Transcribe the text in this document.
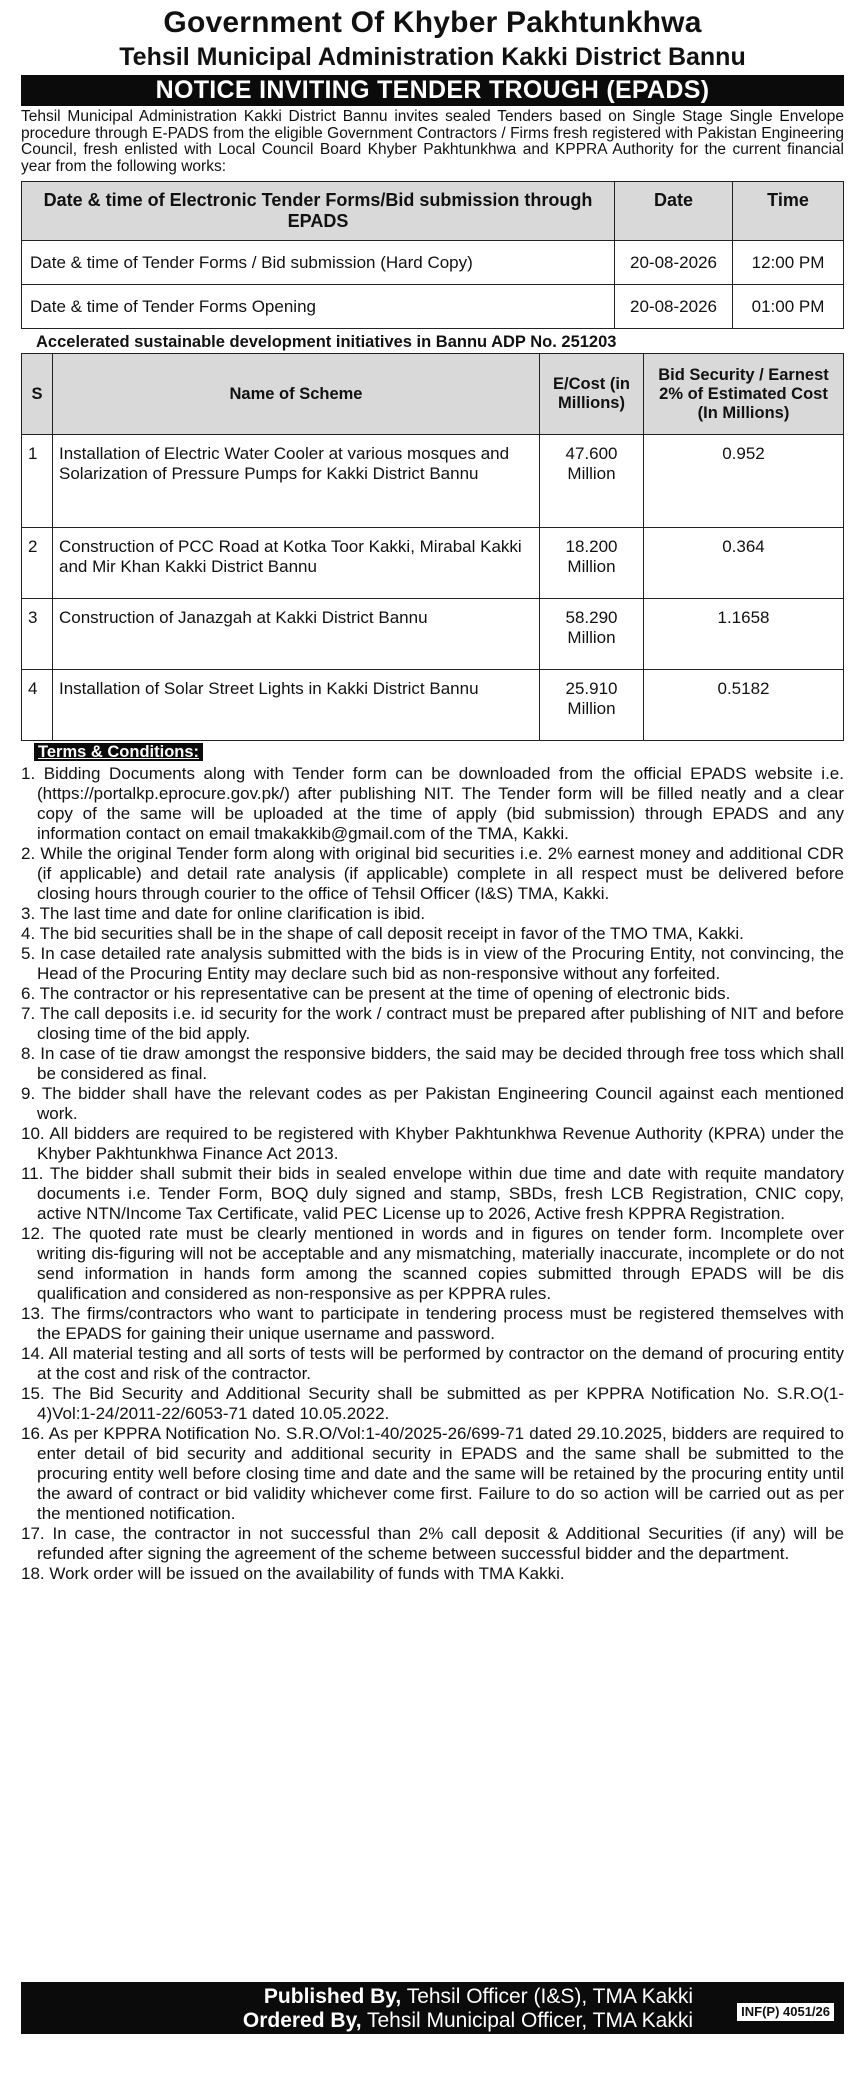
Government Of Khyber Pakhtunkhwa
Tehsil Municipal Administration Kakki District Bannu
NOTICE INVITING TENDER TROUGH (EPADS)
Tehsil Municipal Administration Kakki District Bannu invites sealed Tenders based on Single Stage Single Envelope procedure through E-PADS from the eligible Government Contractors / Firms fresh registered with Pakistan Engineering Council, fresh enlisted with Local Council Board Khyber Pakhtunkhwa and KPPRA Authority for the current financial year from the following works:
Date & time of Electronic Tender Forms/Bid submission through EPADS	Date	Time
Date & time of Tender Forms / Bid submission (Hard Copy)	20-08-2026	12:00 PM
Date & time of Tender Forms Opening	20-08-2026	01:00 PM
Accelerated sustainable development initiatives in Bannu ADP No. 251203
S	Name of Scheme	E/Cost (in Millions)	Bid Security / Earnest 2% of Estimated Cost (In Millions)
1	Installation of Electric Water Cooler at various mosques and Solarization of Pressure Pumps for Kakki District Bannu	47.600 Million	0.952
2	Construction of PCC Road at Kotka Toor Kakki, Mirabal Kakki and Mir Khan Kakki District Bannu	18.200 Million	0.364
3	Construction of Janazgah at Kakki District Bannu	58.290 Million	1.1658
4	Installation of Solar Street Lights in Kakki District Bannu	25.910 Million	0.5182
Terms & Conditions:

1. Bidding Documents along with Tender form can be downloaded from the official EPADS website i.e. (https://portalkp.eprocure.gov.pk/) after publishing NIT. The Tender form will be filled neatly and a clear copy of the same will be uploaded at the time of apply (bid submission) through EPADS and any information contact on email tmakakkib@gmail.com of the TMA, Kakki.

2. While the original Tender form along with original bid securities i.e. 2% earnest money and additional CDR (if applicable) and detail rate analysis (if applicable) complete in all respect must be delivered before closing hours through courier to the office of Tehsil Officer (I&S) TMA, Kakki.

3. The last time and date for online clarification is ibid.

4. The bid securities shall be in the shape of call deposit receipt in favor of the TMO TMA, Kakki.

5. In case detailed rate analysis submitted with the bids is in view of the Procuring Entity, not convincing, the Head of the Procuring Entity may declare such bid as non-responsive without any forfeited.

6. The contractor or his representative can be present at the time of opening of electronic bids.

7. The call deposits i.e. id security for the work / contract must be prepared after publishing of NIT and before closing time of the bid apply.

8. In case of tie draw amongst the responsive bidders, the said may be decided through free toss which shall be considered as final.

9. The bidder shall have the relevant codes as per Pakistan Engineering Council against each mentioned work.

10. All bidders are required to be registered with Khyber Pakhtunkhwa Revenue Authority (KPRA) under the Khyber Pakhtunkhwa Finance Act 2013.

11. The bidder shall submit their bids in sealed envelope within due time and date with requite mandatory documents i.e. Tender Form, BOQ duly signed and stamp, SBDs, fresh LCB Registration, CNIC copy, active NTN/Income Tax Certificate, valid PEC License up to 2026, Active fresh KPPRA Registration.

12. The quoted rate must be clearly mentioned in words and in figures on tender form. Incomplete over writing dis-figuring will not be acceptable and any mismatching, materially inaccurate, incomplete or do not send information in hands form among the scanned copies submitted through EPADS will be dis qualification and considered as non-responsive as per KPPRA rules.

13. The firms/contractors who want to participate in tendering process must be registered themselves with the EPADS for gaining their unique username and password.

14. All material testing and all sorts of tests will be performed by contractor on the demand of procuring entity at the cost and risk of the contractor.

15. The Bid Security and Additional Security shall be submitted as per KPPRA Notification No. S.R.O(1-4)Vol:1-24/2011-22/6053-71 dated 10.05.2022.

16. As per KPPRA Notification No. S.R.O/Vol:1-40/2025-26/699-71 dated 29.10.2025, bidders are required to enter detail of bid security and additional security in EPADS and the same shall be submitted to the procuring entity well before closing time and date and the same will be retained by the procuring entity until the award of contract or bid validity whichever come first. Failure to do so action will be carried out as per the mentioned notification.

17. In case, the contractor in not successful than 2% call deposit & Additional Securities (if any) will be refunded after signing the agreement of the scheme between successful bidder and the department.

18. Work order will be issued on the availability of funds with TMA Kakki.

Published By, Tehsil Officer (I&S), TMA Kakki
Ordered By, Tehsil Municipal Officer, TMA Kakki	INF(P) 4051/26
